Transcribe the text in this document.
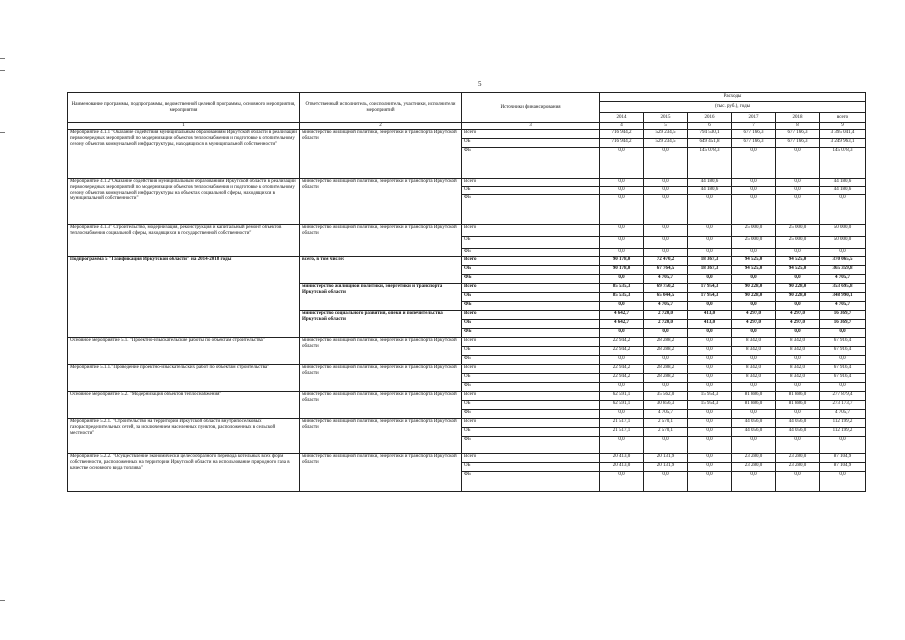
5
Наименование программы, подпрограммы, ведомственной целевой программы, основного мероприятия, мероприятия	Ответственный исполнитель, соисполнитель, участники, исполнители мероприятий	Источники финансирования	Расходы					
			(тыс. руб.), годы					
			2014	2015	2016	2017	2018	всего
1	2	3	4	5	6	7	8	9
Мероприятие 4.1.1 "Оказание содействия муниципальным образованиям Иркутской области в реализации первоочередных мероприятий по модернизации объектов теплоснабжения и подготовке к отопительному сезону объектов коммунальной инфраструктуры, находящихся в муниципальной собственности"	министерство жилищной политики, энергетики и транспорта Иркутской области	Всего	716 944,2	529 234,5	794 530,1	677 166,3	677 166,3	3 395 041,4
		ОБ	716 944,2	529 234,5	649 451,8	677 166,3	677 166,3	3 249 963,1
		ФБ	0,0	0,0	145 078,3	0,0	0,0	145 078,3
Мероприятие 4.1.2"Оказание содействия муниципальным образованиям Иркутской области в реализации первоочередных мероприятий по модернизации объектов теплоснабжения и подготовке к отопительному сезону объектов коммунальной инфраструктуры на объектах социальной сферы, находящихся в муниципальной собственности"	министерство жилищной политики, энергетики и транспорта Иркутской области	Всего	0,0	0,0	44 180,6	0,0	0,0	44 180,6
		ОБ	0,0	0,0	44 180,6	0,0	0,0	44 180,6
		ФБ	0,0	0,0	0,0	0,0	0,0	0,0
Мероприятие 4.1.3" Строительство, модернизация, реконструкция и капитальный ремонт объектов теплоснабжения социальной сферы, находящихся в государственной собственности"	министерство жилищной политики, энергетики и транспорта Иркутской области	Всего	0,0	0,0	0,0	25 000,0	25 000,0	50 000,0
		ОБ	0,0	0,0	0,0	25 000,0	25 000,0	50 000,0
		ФБ	0,0	0,0	0,0	0,0	0,0	0,0
Подпрограмма 5 "Газификация Иркутской области" на 2014-2018 годы	всего, в том числе:	Всего	90 178,0	72 470,2	18 367,3	94 525,0	94 525,0	370 065,5
		ОБ	90 178,0	67 764,5	18 367,3	94 525,0	94 525,0	365 359,8
		ФБ	0,0	4 705,7	0,0	0,0	0,0	4 705,7
	министерство жилищной политики, энергетики и транспорта Иркутской области	Всего	85 535,3	69 750,2	17 954,3	90 228,0	90 228,0	353 695,8
		ОБ	85 535,3	65 044,5	17 954,3	90 228,0	90 228,0	348 990,1
		ФБ	0,0	4 705,7	0,0	0,0	0,0	4 705,7
	министерство социального развития, опеки и попечительства Иркутской области	Всего	4 642,7	2 720,0	413,0	4 297,0	4 297,0	16 369,7
		ОБ	4 642,7	2 720,0	413,0	4 297,0	4 297,0	16 369,7
		ФБ	0,0	0,0	0,0	0,0	0,0	0,0
Основное мероприятие 5.1. "Проектно-изыскательские работы по объектам строительства"	министерство жилищной политики, энергетики и транспорта Иркутской области	Всего	22 944,2	28 288,2	0,0	8 342,0	8 342,0	67 916,4
		ОБ	22 944,2	28 288,2	0,0	8 342,0	8 342,0	67 916,4
		ФБ	0,0	0,0	0,0	0,0	0,0	0,0
Мероприятие 5.1.1."Проведение проектно-изыскательских работ по объектам строительства"	министерство жилищной политики, энергетики и транспорта Иркутской области	Всего	22 944,2	28 288,2	0,0	8 342,0	8 342,0	67 916,4
		ОБ	22 944,2	28 288,2	0,0	8 342,0	8 342,0	67 916,4
		ФБ	0,0	0,0	0,0	0,0	0,0	0,0
Основное мероприятие 5.2. "Модернизация объектов теплоснабжения"	министерство жилищной политики, энергетики и транспорта Иркутской области	Всего	62 591,1	35 562,0	15 954,3	81 886,0	81 886,0	277 879,4
		ОБ	62 591,1	30 856,3	15 954,3	81 886,0	81 886,0	273 173,7
		ФБ	0,0	4 705,7	0,0	0,0	0,0	4 705,7
Мероприятие 5.2.1. "Строительство на территории Иркутской области внутрипоселковых газораспределительных сетей, за исключением населенных пунктов, расположенных в сельской местности"	министерство жилищной политики, энергетики и транспорта Иркутской области	Всего	21 517,1	2 570,1	0,0	44 056,0	44 056,0	112 199,2
		ОБ	21 517,1	2 570,1	0,0	44 056,0	44 056,0	112 199,2
		ФБ	0,0	0,0	0,0	0,0	0,0	0,0
Мероприятие 5.2.2. "Осуществление экономически целесообразного перевода котельных всех форм собственности, расположенных на территории Иркутской области на использование природного газа в качестве основного вида топлива"	министерство жилищной политики, энергетики и транспорта Иркутской области	Всего	20 413,0	20 131,9	0,0	23 280,0	23 280,0	87 104,9
		ОБ	20 413,0	20 131,9	0,0	23 280,0	23 280,0	87 104,9
		ФБ	0,0	0,0	0,0	0,0	0,0	0,0
